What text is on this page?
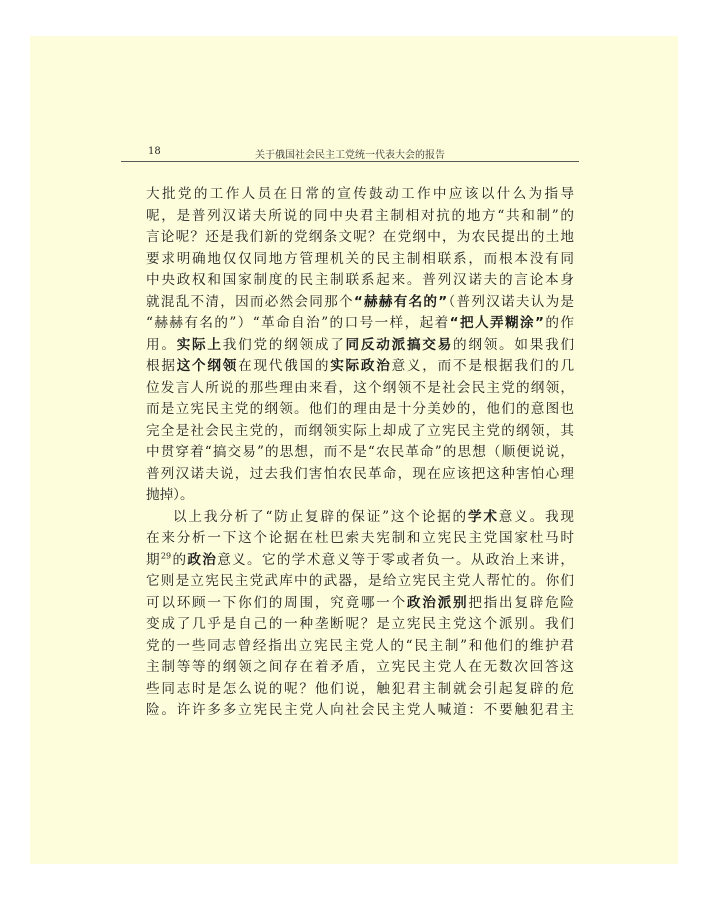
18	关于俄国社会民主工党统一代表大会的报告
大批党的工作人员在日常的宣传鼓动工作中应该以什么为指导
呢，是普列汉诺夫所说的同中央君主制相对抗的地方“共和制”的
言论呢？还是我们新的党纲条文呢？在党纲中，为农民提出的土地
要求明确地仅仅同地方管理机关的民主制相联系，而根本没有同
中央政权和国家制度的民主制联系起来。普列汉诺夫的言论本身
就混乱不清，因而必然会同那个“赫赫有名的”（普列汉诺夫认为是
“赫赫有名的”）“革命自治”的口号一样，起着“把人弄糊涂”的作
用。实际上我们党的纲领成了同反动派搞交易的纲领。如果我们
根据这个纲领在现代俄国的实际政治意义，而不是根据我们的几
位发言人所说的那些理由来看，这个纲领不是社会民主党的纲领，
而是立宪民主党的纲领。他们的理由是十分美妙的，他们的意图也
完全是社会民主党的，而纲领实际上却成了立宪民主党的纲领，其
中贯穿着“搞交易”的思想，而不是“农民革命”的思想（顺便说说，
普列汉诺夫说，过去我们害怕农民革命，现在应该把这种害怕心理
抛掉）。
以上我分析了“防止复辟的保证”这个论据的学术意义。我现
在来分析一下这个论据在杜巴索夫宪制和立宪民主党国家杜马时
期$^{29}$的政治意义。它的学术意义等于零或者负一。从政治上来讲，
它则是立宪民主党武库中的武器，是给立宪民主党人帮忙的。你们
可以环顾一下你们的周围，究竟哪一个政治派别把指出复辟危险
变成了几乎是自己的一种垄断呢？是立宪民主党这个派别。我们
党的一些同志曾经指出立宪民主党人的“民主制”和他们的维护君
主制等等的纲领之间存在着矛盾，立宪民主党人在无数次回答这
些同志时是怎么说的呢？他们说，触犯君主制就会引起复辟的危
险。许许多多立宪民主党人向社会民主党人喊道：不要触犯君主
